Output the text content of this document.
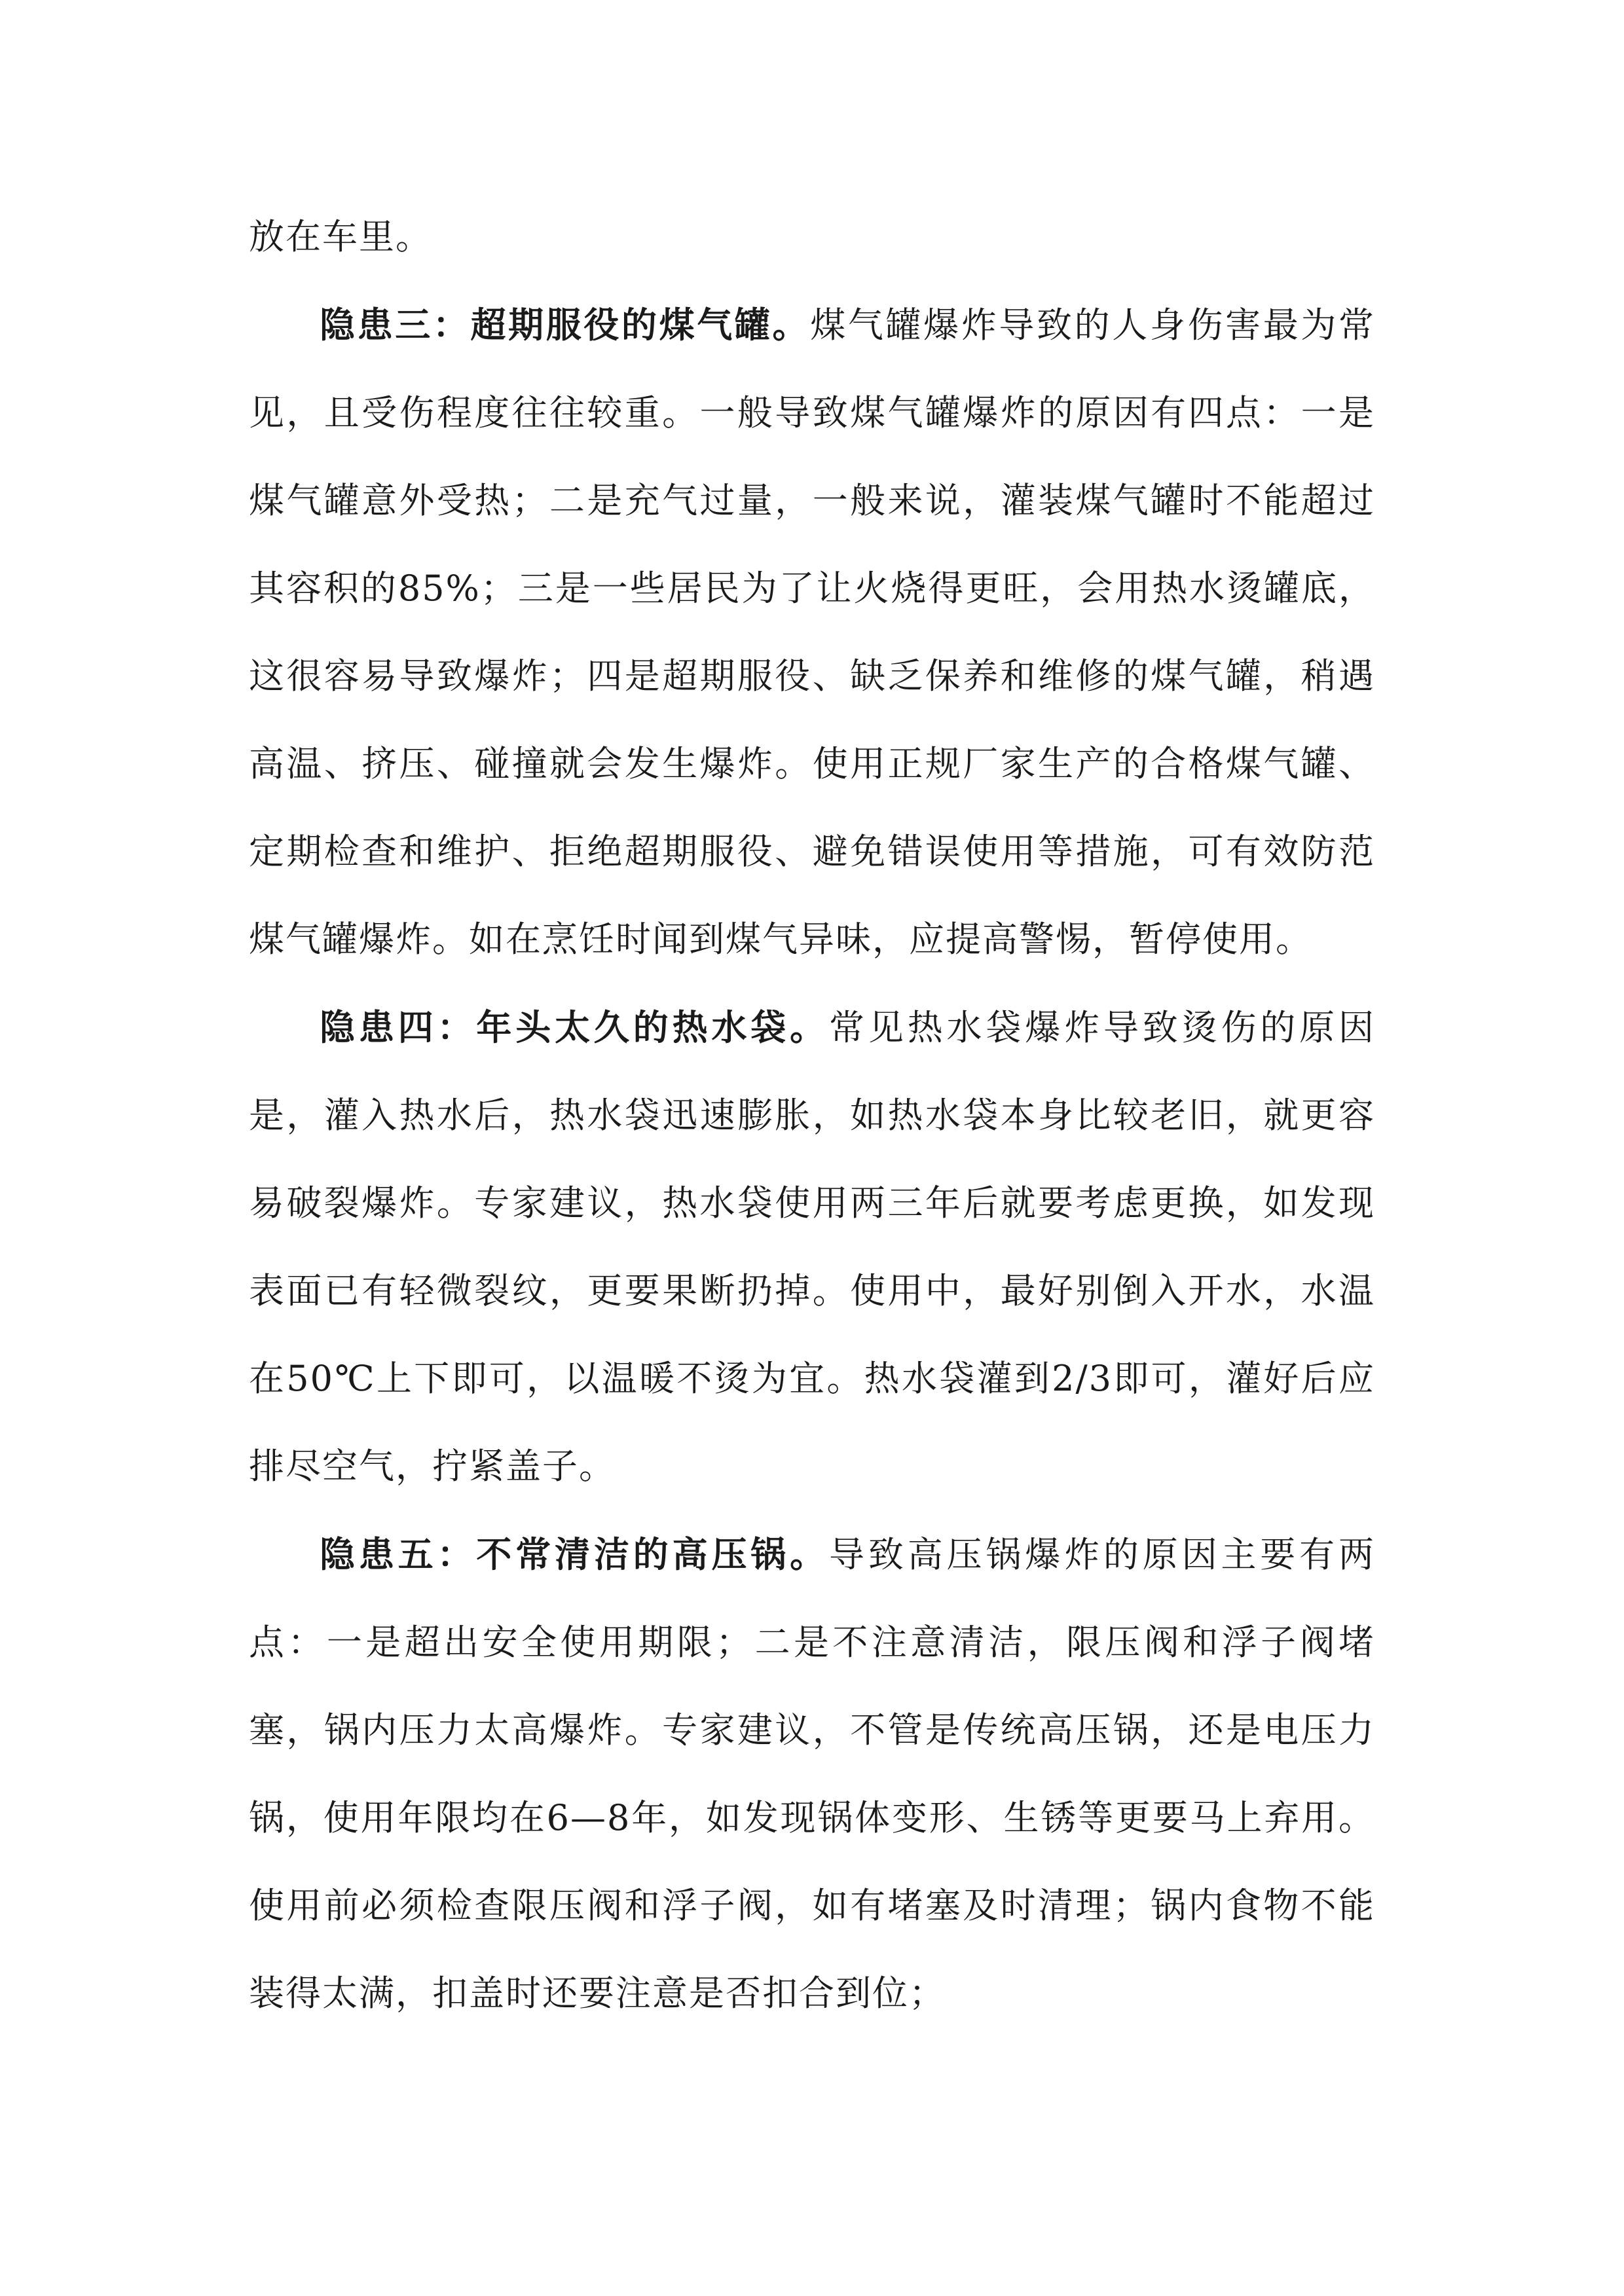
放在车里。

隐患三：超期服役的煤气罐。煤气罐爆炸导致的人身伤害最为常见，且受伤程度往往较重。一般导致煤气罐爆炸的原因有四点：一是煤气罐意外受热；二是充气过量，一般来说，灌装煤气罐时不能超过其容积的85%；三是一些居民为了让火烧得更旺，会用热水烫罐底，这很容易导致爆炸；四是超期服役、缺乏保养和维修的煤气罐，稍遇高温、挤压、碰撞就会发生爆炸。使用正规厂家生产的合格煤气罐、定期检查和维护、拒绝超期服役、避免错误使用等措施，可有效防范煤气罐爆炸。如在烹饪时闻到煤气异味，应提高警惕，暂停使用。

隐患四：年头太久的热水袋。常见热水袋爆炸导致烫伤的原因是，灌入热水后，热水袋迅速膨胀，如热水袋本身比较老旧，就更容易破裂爆炸。专家建议，热水袋使用两三年后就要考虑更换，如发现表面已有轻微裂纹，更要果断扔掉。使用中，最好别倒入开水，水温在50℃上下即可，以温暖不烫为宜。热水袋灌到2/3即可，灌好后应排尽空气，拧紧盖子。

隐患五：不常清洁的高压锅。导致高压锅爆炸的原因主要有两点：一是超出安全使用期限；二是不注意清洁，限压阀和浮子阀堵塞，锅内压力太高爆炸。专家建议，不管是传统高压锅，还是电压力锅，使用年限均在6—8年，如发现锅体变形、生锈等更要马上弃用。使用前必须检查限压阀和浮子阀，如有堵塞及时清理；锅内食物不能装得太满，扣盖时还要注意是否扣合到位；
